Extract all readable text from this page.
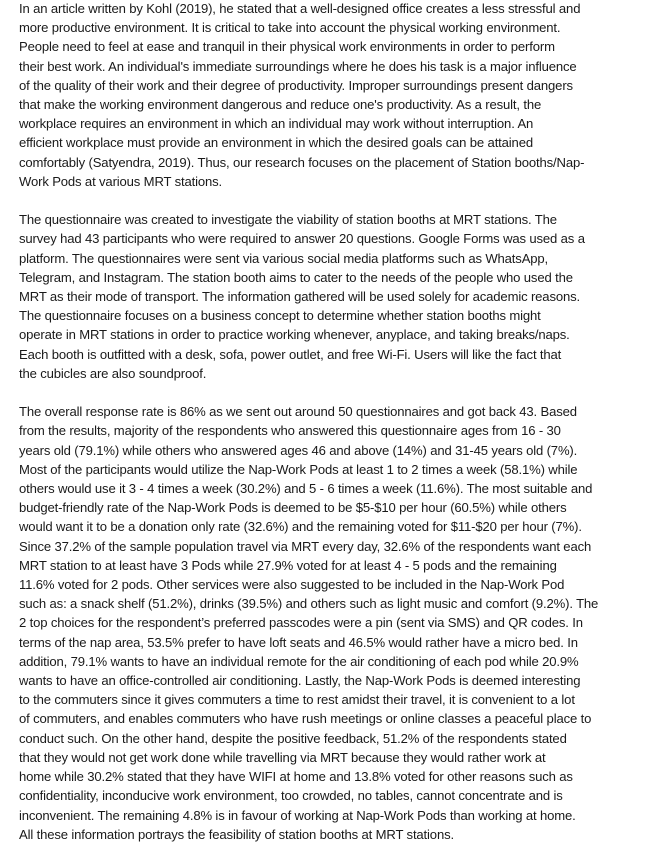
In an article written by Kohl (2019), he stated that a well-designed office creates a less stressful and
more productive environment. It is critical to take into account the physical working environment.
People need to feel at ease and tranquil in their physical work environments in order to perform
their best work. An individual's immediate surroundings where he does his task is a major influence
of the quality of their work and their degree of productivity. Improper surroundings present dangers
that make the working environment dangerous and reduce one's productivity. As a result, the
workplace requires an environment in which an individual may work without interruption. An
efficient workplace must provide an environment in which the desired goals can be attained
comfortably (Satyendra, 2019). Thus, our research focuses on the placement of Station booths/Nap-
Work Pods at various MRT stations.

The questionnaire was created to investigate the viability of station booths at MRT stations. The
survey had 43 participants who were required to answer 20 questions. Google Forms was used as a
platform. The questionnaires were sent via various social media platforms such as WhatsApp,
Telegram, and Instagram. The station booth aims to cater to the needs of the people who used the
MRT as their mode of transport. The information gathered will be used solely for academic reasons.
The questionnaire focuses on a business concept to determine whether station booths might
operate in MRT stations in order to practice working whenever, anyplace, and taking breaks/naps.
Each booth is outfitted with a desk, sofa, power outlet, and free Wi-Fi. Users will like the fact that
the cubicles are also soundproof.

The overall response rate is 86% as we sent out around 50 questionnaires and got back 43. Based
from the results, majority of the respondents who answered this questionnaire ages from 16 - 30
years old (79.1%) while others who answered ages 46 and above (14%) and 31-45 years old (7%).
Most of the participants would utilize the Nap-Work Pods at least 1 to 2 times a week (58.1%) while
others would use it 3 - 4 times a week (30.2%) and 5 - 6 times a week (11.6%). The most suitable and
budget-friendly rate of the Nap-Work Pods is deemed to be $5-$10 per hour (60.5%) while others
would want it to be a donation only rate (32.6%) and the remaining voted for $11-$20 per hour (7%).
Since 37.2% of the sample population travel via MRT every day, 32.6% of the respondents want each
MRT station to at least have 3 Pods while 27.9% voted for at least 4 - 5 pods and the remaining
11.6% voted for 2 pods. Other services were also suggested to be included in the Nap-Work Pod
such as: a snack shelf (51.2%), drinks (39.5%) and others such as light music and comfort (9.2%). The
2 top choices for the respondent’s preferred passcodes were a pin (sent via SMS) and QR codes. In
terms of the nap area, 53.5% prefer to have loft seats and 46.5% would rather have a micro bed. In
addition, 79.1% wants to have an individual remote for the air conditioning of each pod while 20.9%
wants to have an office-controlled air conditioning. Lastly, the Nap-Work Pods is deemed interesting
to the commuters since it gives commuters a time to rest amidst their travel, it is convenient to a lot
of commuters, and enables commuters who have rush meetings or online classes a peaceful place to
conduct such. On the other hand, despite the positive feedback, 51.2% of the respondents stated
that they would not get work done while travelling via MRT because they would rather work at
home while 30.2% stated that they have WIFI at home and 13.8% voted for other reasons such as
confidentiality, inconducive work environment, too crowded, no tables, cannot concentrate and is
inconvenient. The remaining 4.8% is in favour of working at Nap-Work Pods than working at home.
All these information portrays the feasibility of station booths at MRT stations.
